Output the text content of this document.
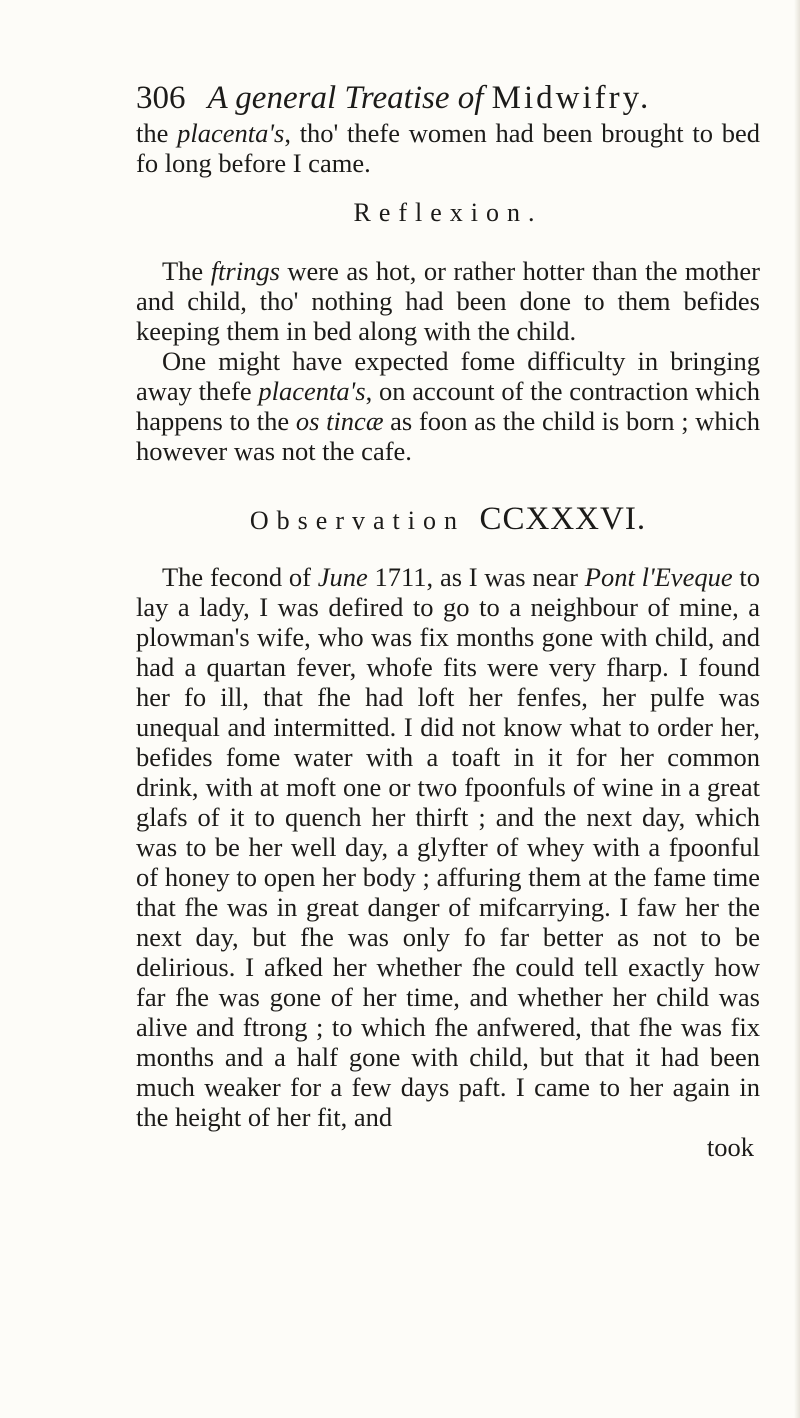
306 A general Treatise of Midwifry.

the placenta's, tho' thefe women had been brought to bed fo long before I came.

Reflexion.

The ftrings were as hot, or rather hotter than the mother and child, tho' nothing had been done to them befides keeping them in bed along with the child.

One might have expected fome difficulty in bringing away thefe placenta's, on account of the contraction which happens to the os tincæ as foon as the child is born ; which however was not the cafe.

Observation CCXXXVI.

The fecond of June 1711, as I was near Pont l'Eveque to lay a lady, I was defired to go to a neighbour of mine, a plowman's wife, who was fix months gone with child, and had a quartan fever, whofe fits were very fharp. I found her fo ill, that fhe had loft her fenfes, her pulfe was unequal and intermitted. I did not know what to order her, befides fome water with a toaft in it for her common drink, with at moft one or two fpoonfuls of wine in a great glafs of it to quench her thirft ; and the next day, which was to be her well day, a glyfter of whey with a fpoonful of honey to open her body ; affuring them at the fame time that fhe was in great danger of mifcarrying. I faw her the next day, but fhe was only fo far better as not to be delirious. I afked her whether fhe could tell exactly how far fhe was gone of her time, and whether her child was alive and ftrong ; to which fhe anfwered, that fhe was fix months and a half gone with child, but that it had been much weaker for a few days paft. I came to her again in the height of her fit, and

took
